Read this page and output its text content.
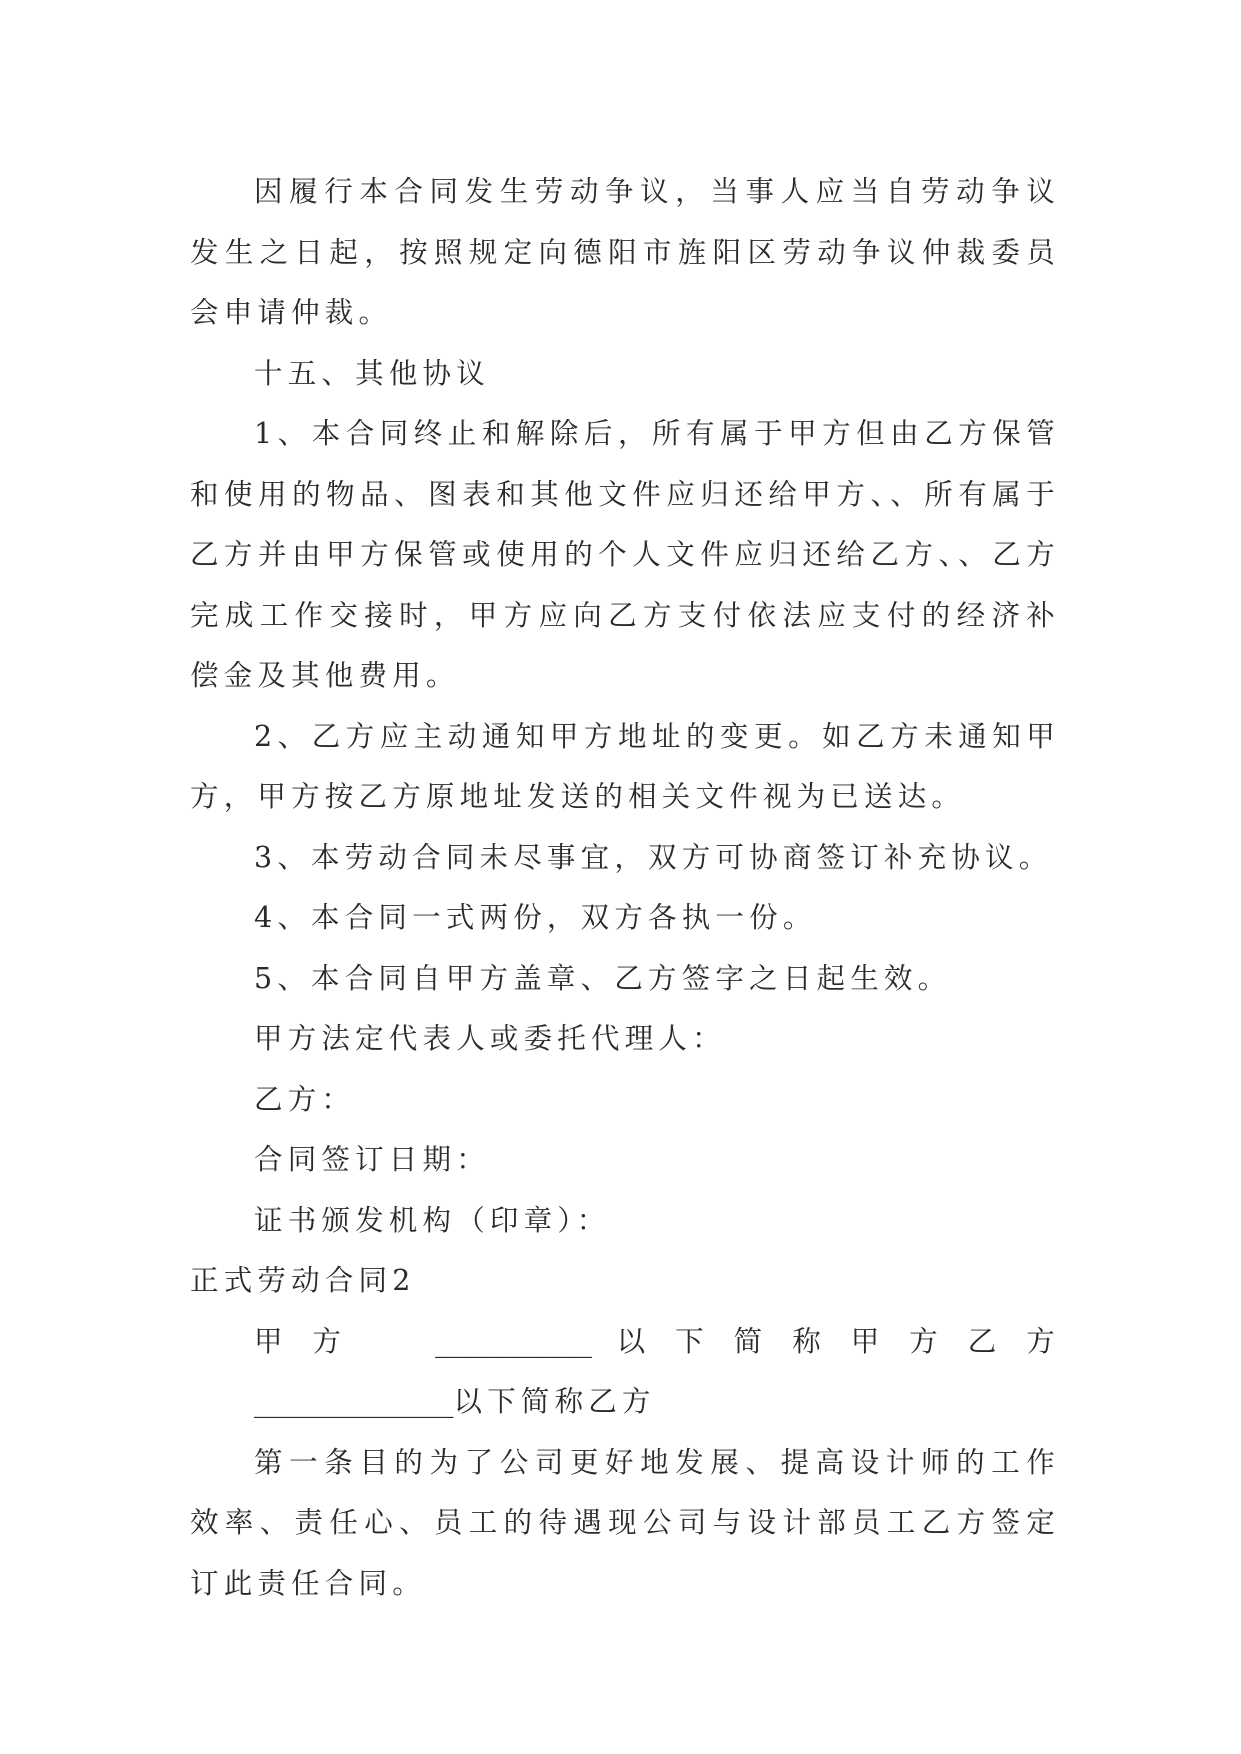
因履行本合同发生劳动争议，当事人应当自劳动争议发生之日起，按照规定向德阳市旌阳区劳动争议仲裁委员会申请仲裁。

十五、其他协议

1、本合同终止和解除后，所有属于甲方但由乙方保管和使用的物品、图表和其他文件应归还给甲方、、所有属于乙方并由甲方保管或使用的个人文件应归还给乙方、、乙方完成工作交接时，甲方应向乙方支付依法应支付的经济补偿金及其他费用。

2、乙方应主动通知甲方地址的变更。如乙方未通知甲方，甲方按乙方原地址发送的相关文件视为已送达。

3、本劳动合同未尽事宜，双方可协商签订补充协议。

4、本合同一式两份，双方各执一份。

5、本合同自甲方盖章、乙方签字之日起生效。

甲方法定代表人或委托代理人：

乙方：

合同签订日期：

证书颁发机构（印章）：

正式劳动合同2

甲方 ___________以下简称甲方乙方______________以下简称乙方

第一条目的为了公司更好地发展、提高设计师的工作效率、责任心、员工的待遇现公司与设计部员工乙方签定订此责任合同。
